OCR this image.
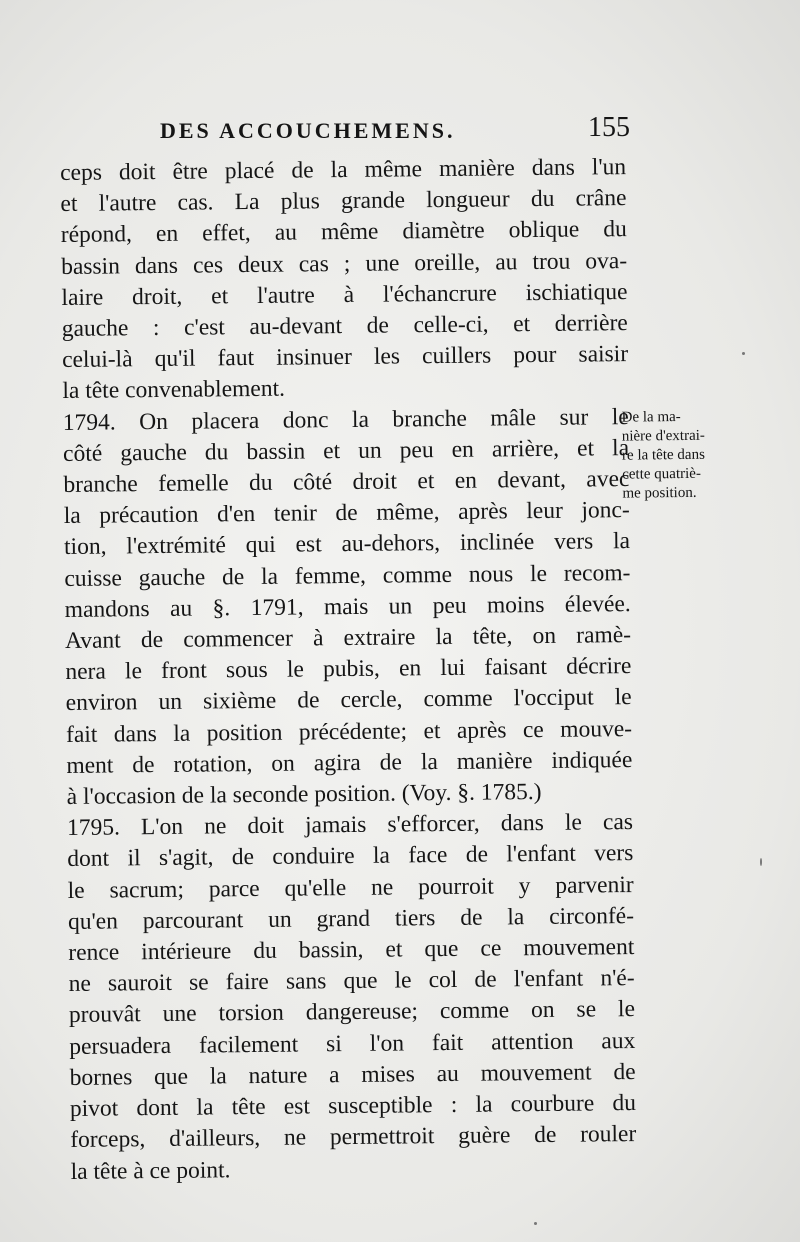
DES ACCOUCHEMENS.	155
ceps doit être placé de la même manière dans l'un
et l'autre cas. La plus grande longueur du crâne
répond, en effet, au même diamètre oblique du
bassin dans ces deux cas ; une oreille, au trou ova-
laire droit, et l'autre à l'échancrure ischiatique
gauche : c'est au-devant de celle-ci, et derrière
celui-là qu'il faut insinuer les cuillers pour saisir
la tête convenablement.
1794. On placera donc la branche mâle sur le
côté gauche du bassin et un peu en arrière, et la
branche femelle du côté droit et en devant, avec
la précaution d'en tenir de même, après leur jonc-
tion, l'extrémité qui est au-dehors, inclinée vers la
cuisse gauche de la femme, comme nous le recom-
mandons au §. 1791, mais un peu moins élevée.
Avant de commencer à extraire la tête, on ramè-
nera le front sous le pubis, en lui faisant décrire
environ un sixième de cercle, comme l'occiput le
fait dans la position précédente; et après ce mouve-
ment de rotation, on agira de la manière indiquée
à l'occasion de la seconde position. (Voy. §. 1785.)
1795. L'on ne doit jamais s'efforcer, dans le cas
dont il s'agit, de conduire la face de l'enfant vers
le sacrum; parce qu'elle ne pourroit y parvenir
qu'en parcourant un grand tiers de la circonfé-
rence intérieure du bassin, et que ce mouvement
ne sauroit se faire sans que le col de l'enfant n'é-
prouvât une torsion dangereuse; comme on se le
persuadera facilement si l'on fait attention aux
bornes que la nature a mises au mouvement de
pivot dont la tête est susceptible : la courbure du
forceps, d'ailleurs, ne permettroit guère de rouler
la tête à ce point.
De la ma-
nière d'extrai-
re la tête dans
cette quatriè-
me position.
